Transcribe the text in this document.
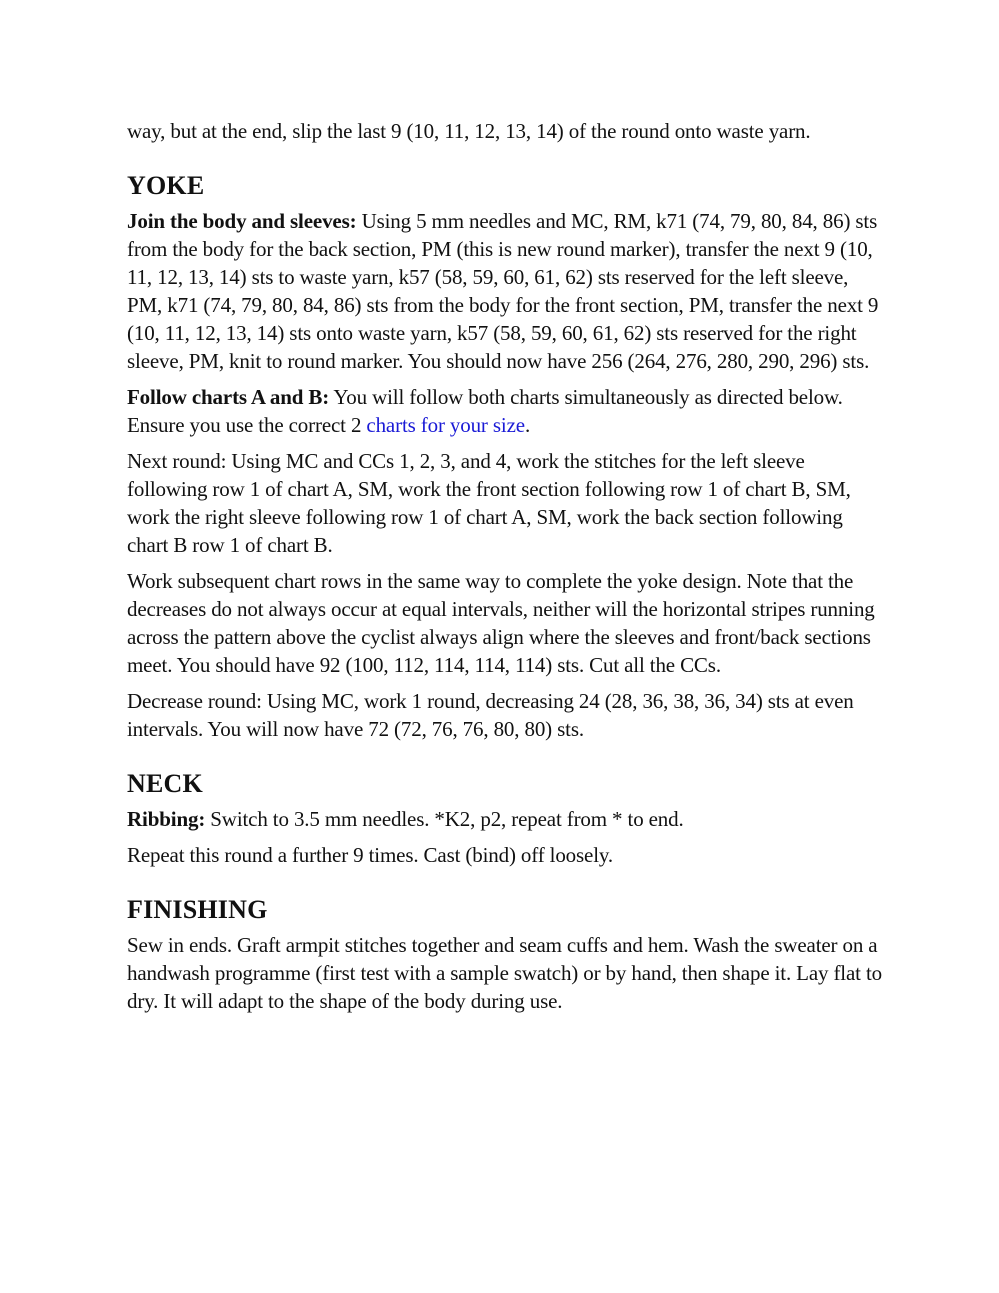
way, but at the end, slip the last 9 (10, 11, 12, 13, 14) of the round onto waste yarn.

YOKE

Join the body and sleeves: Using 5 mm needles and MC, RM, k71 (74, 79, 80, 84, 86) sts from the body for the back section, PM (this is new round marker), transfer the next 9 (10, 11, 12, 13, 14) sts to waste yarn, k57 (58, 59, 60, 61, 62) sts reserved for the left sleeve, PM, k71 (74, 79, 80, 84, 86) sts from the body for the front section, PM, transfer the next 9 (10, 11, 12, 13, 14) sts onto waste yarn, k57 (58, 59, 60, 61, 62) sts reserved for the right sleeve, PM, knit to round marker. You should now have 256 (264, 276, 280, 290, 296) sts.

Follow charts A and B: You will follow both charts simultaneously as directed below. Ensure you use the correct 2 charts for your size.

Next round: Using MC and CCs 1, 2, 3, and 4, work the stitches for the left sleeve following row 1 of chart A, SM, work the front section following row 1 of chart B, SM, work the right sleeve following row 1 of chart A, SM, work the back section following chart B row 1 of chart B.

Work subsequent chart rows in the same way to complete the yoke design. Note that the decreases do not always occur at equal intervals, neither will the horizontal stripes running across the pattern above the cyclist always align where the sleeves and front/back sections meet. You should have 92 (100, 112, 114, 114, 114) sts. Cut all the CCs.

Decrease round: Using MC, work 1 round, decreasing 24 (28, 36, 38, 36, 34) sts at even intervals. You will now have 72 (72, 76, 76, 80, 80) sts.

NECK

Ribbing: Switch to 3.5 mm needles. *K2, p2, repeat from * to end.

Repeat this round a further 9 times. Cast (bind) off loosely.

FINISHING

Sew in ends. Graft armpit stitches together and seam cuffs and hem. Wash the sweater on a handwash programme (first test with a sample swatch) or by hand, then shape it. Lay flat to dry. It will adapt to the shape of the body during use.
